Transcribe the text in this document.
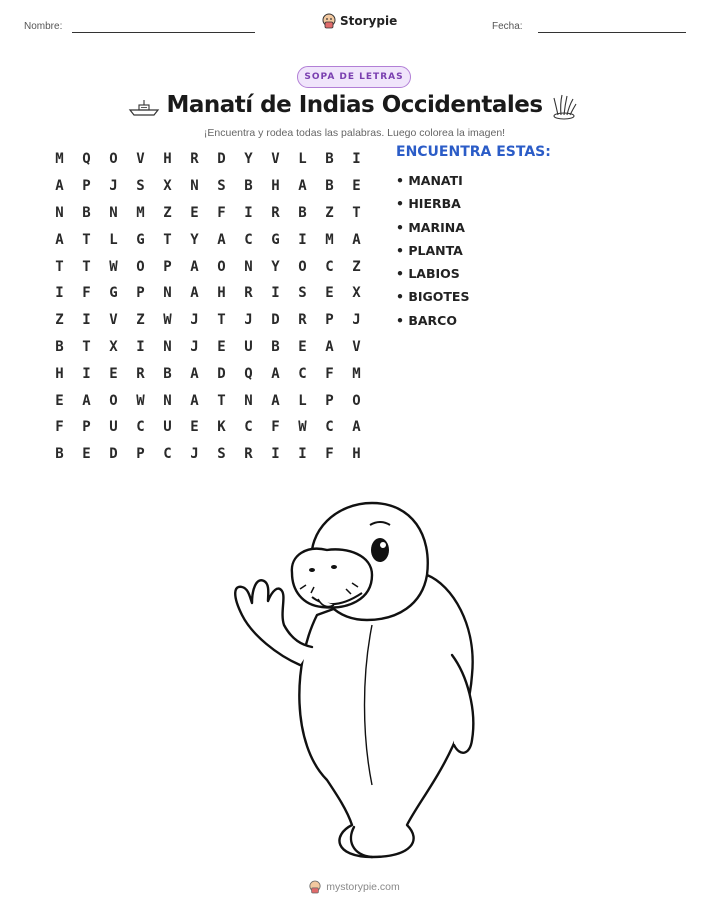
Nombre:	Storypie	Fecha:
SOPA DE LETRAS
Manatí de Indias Occidentales
¡Encuentra y rodea todas las palabras. Luego colorea la imagen!
M	Q	O	V	H	R	D	Y	V	L	B	I
A	P	J	S	X	N	S	B	H	A	B	E
N	B	N	M	Z	E	F	I	R	B	Z	T
A	T	L	G	T	Y	A	C	G	I	M	A
T	T	W	O	P	A	O	N	Y	O	C	Z
I	F	G	P	N	A	H	R	I	S	E	X
Z	I	V	Z	W	J	T	J	D	R	P	J
B	T	X	I	N	J	E	U	B	E	A	V
H	I	E	R	B	A	D	Q	A	C	F	M
E	A	O	W	N	A	T	N	A	L	P	O
F	P	U	C	U	E	K	C	F	W	C	A
B	E	D	P	C	J	S	R	I	I	F	H
ENCUENTRA ESTAS:
• MANATI
• HIERBA
• MARINA
• PLANTA
• LABIOS
• BIGOTES
• BARCO
mystorypie.com
